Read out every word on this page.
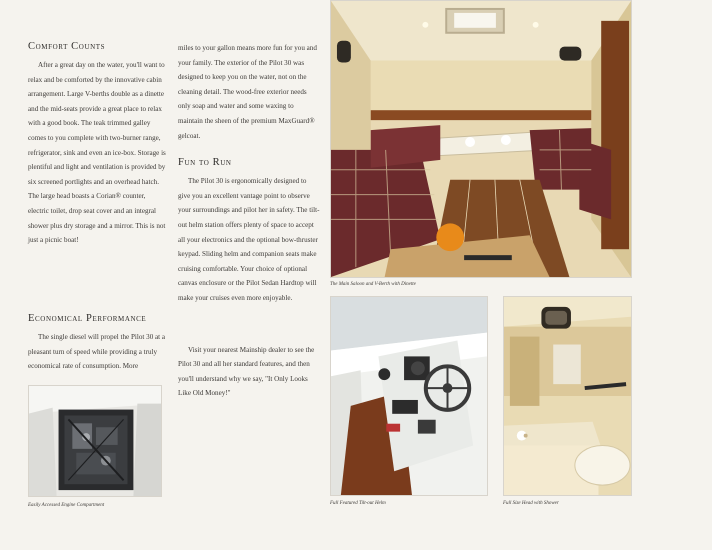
Comfort Counts

After a great day on the water, you'll want to relax and be comforted by the innovative cabin arrangement. Large V-berths double as a dinette and the mid-seats provide a great place to relax with a good book. The teak trimmed galley comes to you complete with two-burner range, refrigerator, sink and even an ice-box. Storage is plentiful and light and ventilation is provided by six screened portlights and an overhead hatch. The large head boasts a Corian® counter, electric toilet, drop seat cover and an integral shower plus dry storage and a mirror. This is not just a picnic boat!

Economical Performance

The single diesel will propel the Pilot 30 at a pleasant turn of speed while providing a truly economical rate of consumption. More

Easily Accessed Engine Compartment

miles to your gallon means more fun for you and your family. The exterior of the Pilot 30 was designed to keep you on the water, not on the cleaning detail. The wood-free exterior needs only soap and water and some waxing to maintain the sheen of the premium MaxGuard® gelcoat.

Fun to Run

The Pilot 30 is ergonomically designed to give you an excellent vantage point to observe your surroundings and pilot her in safety. The tilt-out helm station offers plenty of space to accept all your electronics and the optional bow-thruster keypad. Sliding helm and companion seats make cruising comfortable. Your choice of optional canvas enclosure or the Pilot Sedan Hardtop will make your cruises even more enjoyable.

Visit your nearest Mainship dealer to see the Pilot 30 and all her standard features, and then you'll understand why we say, "It Only Looks Like Old Money!"

The Main Saloon and V-Berth with Dinette
Full Featured Tilt-out Helm	Full Size Head with Shower
